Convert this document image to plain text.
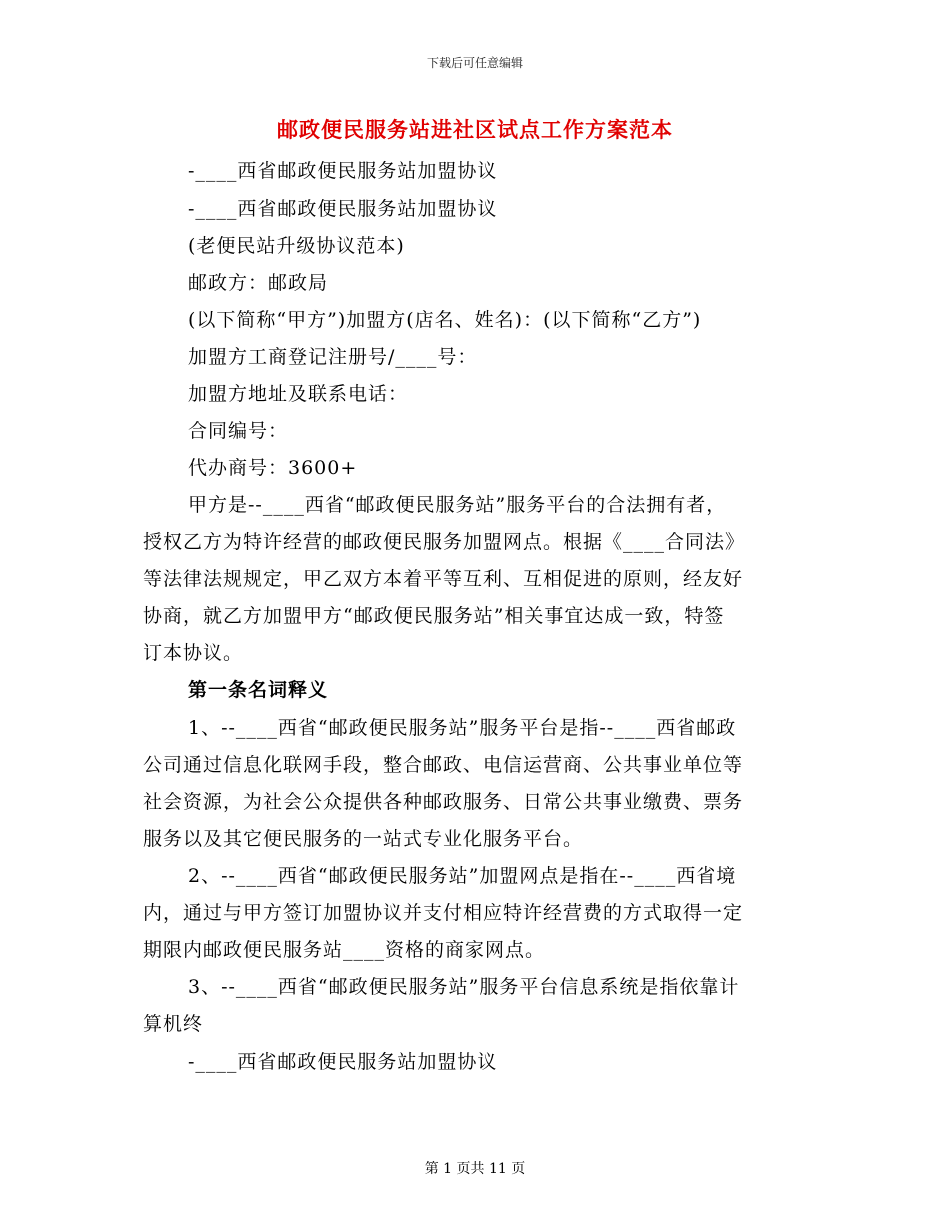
下载后可任意编辑
邮政便民服务站进社区试点工作方案范本
-____西省邮政便民服务站加盟协议
-____西省邮政便民服务站加盟协议
(老便民站升级协议范本)
邮政方：邮政局
(以下简称“甲方”)加盟方(店名、姓名)：(以下简称“乙方”)
加盟方工商登记注册号/____号：
加盟方地址及联系电话：
合同编号：
代办商号：3600+
甲方是--____西省“邮政便民服务站”服务平台的合法拥有者，
授权乙方为特许经营的邮政便民服务加盟网点。根据《____合同法》
等法律法规规定，甲乙双方本着平等互利、互相促进的原则，经友好
协商，就乙方加盟甲方“邮政便民服务站”相关事宜达成一致，特签
订本协议。
第一条名词释义
1、--____西省“邮政便民服务站”服务平台是指--____西省邮政
公司通过信息化联网手段，整合邮政、电信运营商、公共事业单位等
社会资源，为社会公众提供各种邮政服务、日常公共事业缴费、票务
服务以及其它便民服务的一站式专业化服务平台。
2、--____西省“邮政便民服务站”加盟网点是指在--____西省境
内，通过与甲方签订加盟协议并支付相应特许经营费的方式取得一定
期限内邮政便民服务站____资格的商家网点。
3、--____西省“邮政便民服务站”服务平台信息系统是指依靠计
算机终
-____西省邮政便民服务站加盟协议
第 1 页共 11 页
